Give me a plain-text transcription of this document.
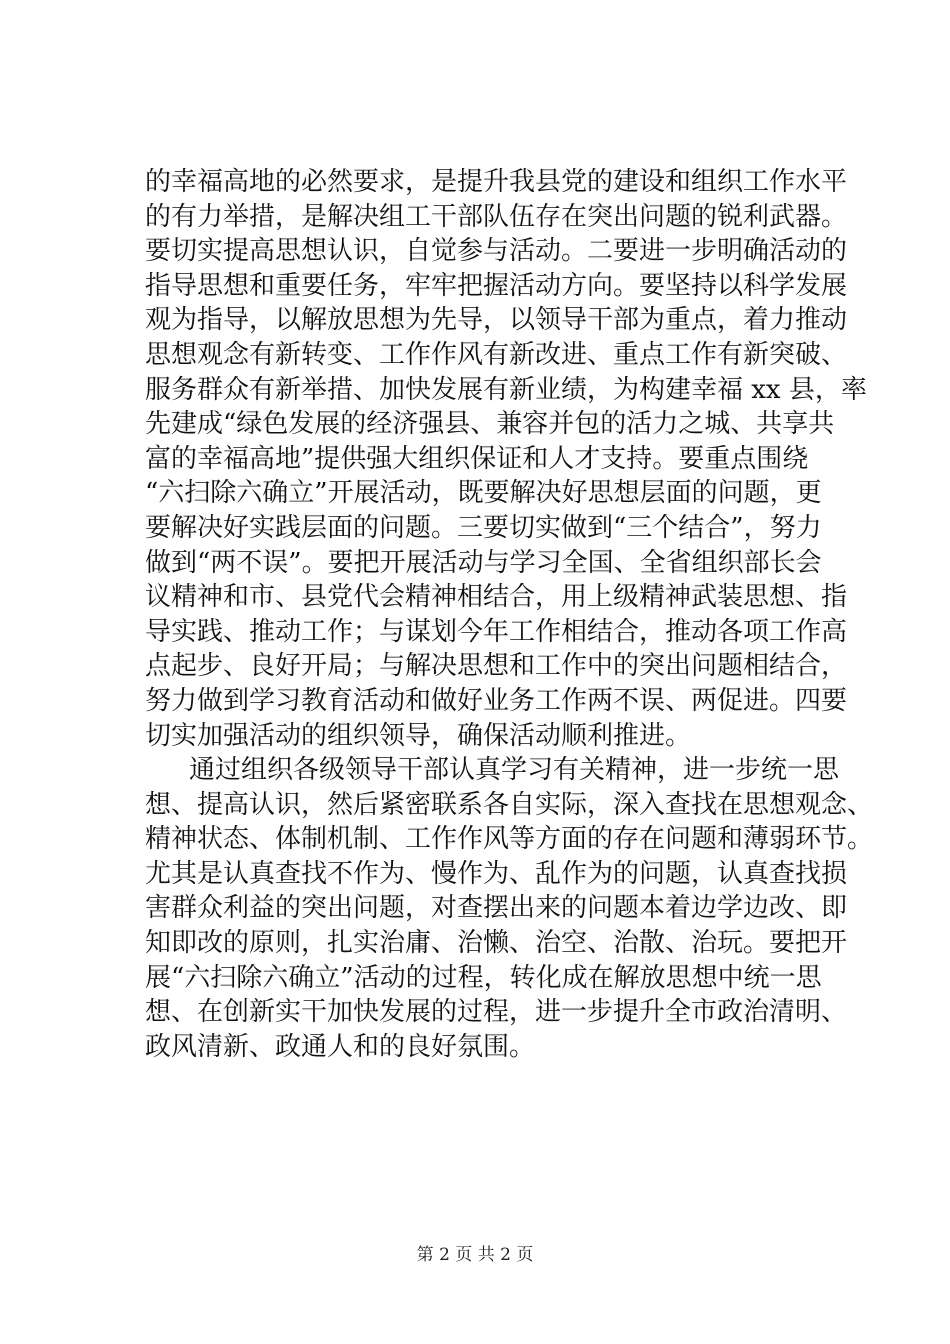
的幸福高地的必然要求，是提升我县党的建设和组织工作水平
的有力举措，是解决组工干部队伍存在突出问题的锐利武器。
要切实提高思想认识，自觉参与活动。二要进一步明确活动的
指导思想和重要任务，牢牢把握活动方向。要坚持以科学发展
观为指导，以解放思想为先导，以领导干部为重点，着力推动
思想观念有新转变、工作作风有新改进、重点工作有新突破、
服务群众有新举措、加快发展有新业绩，为构建幸福 xx 县，率
先建成“绿色发展的经济强县、兼容并包的活力之城、共享共
富的幸福高地”提供强大组织保证和人才支持。要重点围绕
“六扫除六确立”开展活动，既要解决好思想层面的问题，更
要解决好实践层面的问题。三要切实做到“三个结合”，努力
做到“两不误”。要把开展活动与学习全国、全省组织部长会
议精神和市、县党代会精神相结合，用上级精神武装思想、指
导实践、推动工作；与谋划今年工作相结合，推动各项工作高
点起步、良好开局；与解决思想和工作中的突出问题相结合，
努力做到学习教育活动和做好业务工作两不误、两促进。四要
切实加强活动的组织领导，确保活动顺利推进。
通过组织各级领导干部认真学习有关精神，进一步统一思
想、提高认识，然后紧密联系各自实际，深入查找在思想观念、
精神状态、体制机制、工作作风等方面的存在问题和薄弱环节。
尤其是认真查找不作为、慢作为、乱作为的问题，认真查找损
害群众利益的突出问题，对查摆出来的问题本着边学边改、即
知即改的原则，扎实治庸、治懒、治空、治散、治玩。要把开
展“六扫除六确立”活动的过程，转化成在解放思想中统一思
想、在创新实干加快发展的过程，进一步提升全市政治清明、
政风清新、政通人和的良好氛围。
第 2 页 共 2 页
